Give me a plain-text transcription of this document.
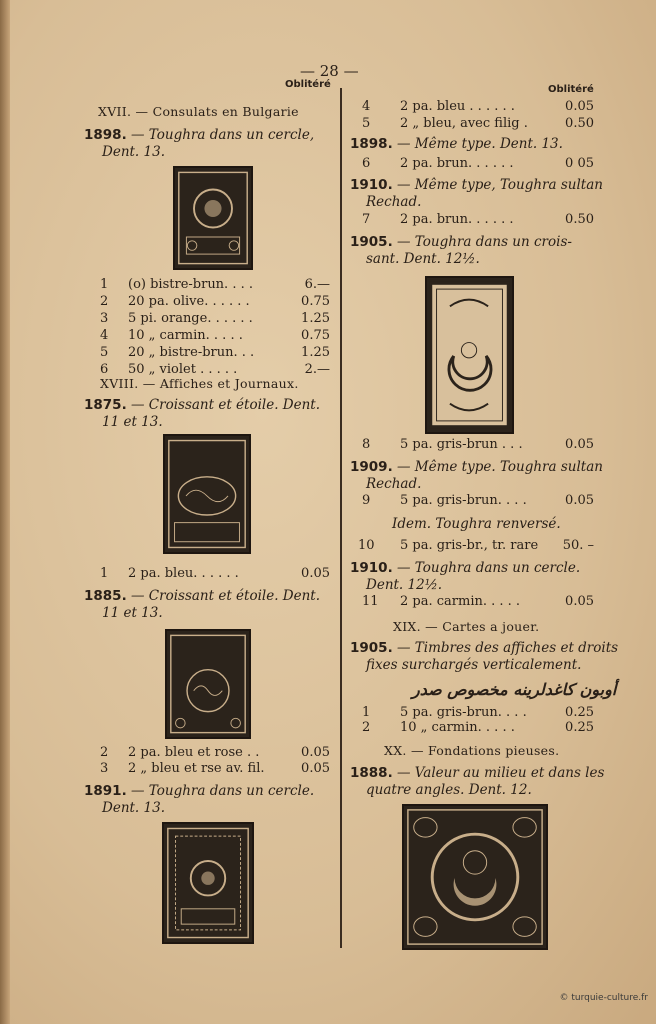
— 28 —
Oblitéré
XVII. — Consulats en Bulgarie
1898. — Toughra dans un cercle,
Dent. 13.
1 (o) bistre-brun. . . .	6.—
2 20 pa. olive. . . . . .	0.75
3 5 pi. orange. . . . . .	1.25
4 10 „ carmin. . . . .	0.75
5 20 „ bistre-brun. . .	1.25
6 50 „ violet . . . . .	2.—
XVIII. — Affiches et Journaux.
1875. — Croissant et étoile. Dent.
11 et 13.
1 2 pa. bleu. . . . . .	0.05
1885. — Croissant et étoile. Dent.
11 et 13.
2 2 pa. bleu et rose . .	0.05
3 2 „ bleu et rse av. fil.	0.05
1891. — Toughra dans un cercle.
Dent. 13.
Oblitéré
4 2 pa. bleu . . . . . .	0.05
5 2 „ bleu, avec filig .	0.50
1898. — Même type. Dent. 13.
6 2 pa. brun. . . . . .	0 05
1910. — Même type, Toughra sultan
Rechad.
7 2 pa. brun. . . . . .	0.50
1905. — Toughra dans un crois-
sant. Dent. 12½.
8 5 pa. gris-brun . . .	0.05
1909. — Même type. Toughra sultan
Rechad.
9 5 pa. gris-brun. . . .	0.05
Idem. Toughra renversé.
10 5 pa. gris-br., tr. rare 50. –
1910. — Toughra dans un cercle.
Dent. 12½.
11 2 pa. carmin. . . . .	0.05
XIX. — Cartes a jouer.
1905. — Timbres des affiches et droits
fixes surchargés verticalement.
أوبون كاغدلرينه مخصوص صدر
1 5 pa. gris-brun. . . .	0.25
2 10 „ carmin. . . . .	0.25
XX. — Fondations pieuses.
1888. — Valeur au milieu et dans les
quatre angles. Dent. 12.
© turquie-culture.fr
